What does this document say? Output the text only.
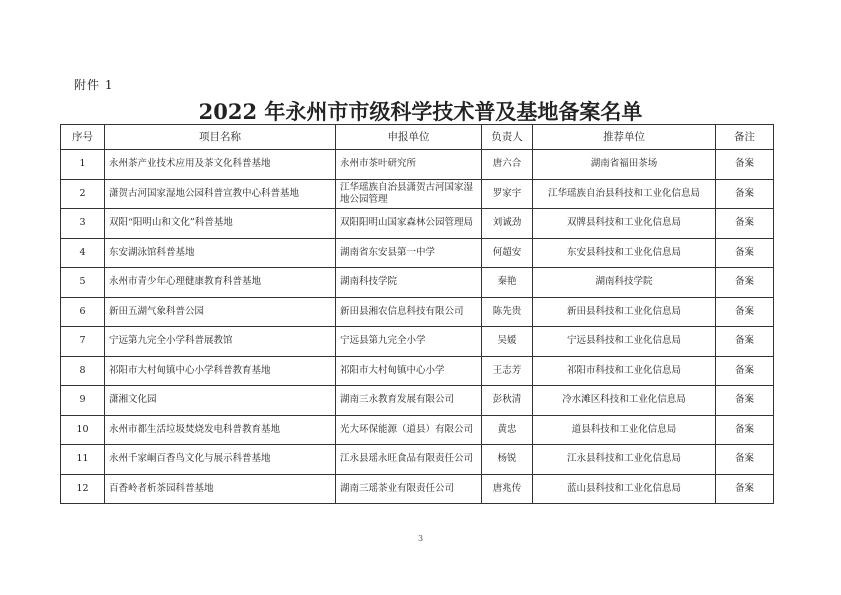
附件 1
2022 年永州市市级科学技术普及基地备案名单
序号	项目名称	申报单位	负责人	推荐单位	备注
1	永州茶产业技术应用及茶文化科普基地	永州市茶叶研究所	唐六合	湖南省福田茶场	备案
2	潇贺古河国家湿地公园科普宣教中心科普基地	江华瑶族自治县潇贺古河国家湿地公园管理	罗家宇	江华瑶族自治县科技和工业化信息局	备案
3	双阳“阳明山和文化”科普基地	双阳阳明山国家森林公园管理局	刘诚劲	双牌县科技和工业化信息局	备案
4	东安湖泳馆科普基地	湖南省东安县第一中学	何超安	东安县科技和工业化信息局	备案
5	永州市青少年心理健康教育科普基地	湖南科技学院	秦艳	湖南科技学院	备案
6	新田五湖气象科普公园	新田县湘农信息科技有限公司	陈先贵	新田县科技和工业化信息局	备案
7	宁远第九完全小学科普展教馆	宁远县第九完全小学	吴媛	宁远县科技和工业化信息局	备案
8	祁阳市大村甸镇中心小学科普教育基地	祁阳市大村甸镇中心小学	王志芳	祁阳市科技和工业化信息局	备案
9	潇湘文化园	湖南三永教育发展有限公司	彭秋清	冷水滩区科技和工业化信息局	备案
10	永州市都生活垃圾焚烧发电科普教育基地	光大环保能源（道县）有限公司	黄忠	道县科技和工业化信息局	备案
11	永州千家峒百香鸟文化与展示科普基地	江永县瑶永旺食品有限责任公司	杨锐	江永县科技和工业化信息局	备案
12	百香岭者析茶园科普基地	湖南三瑶茶业有限责任公司	唐兆传	蓝山县科技和工业化信息局	备案
3
